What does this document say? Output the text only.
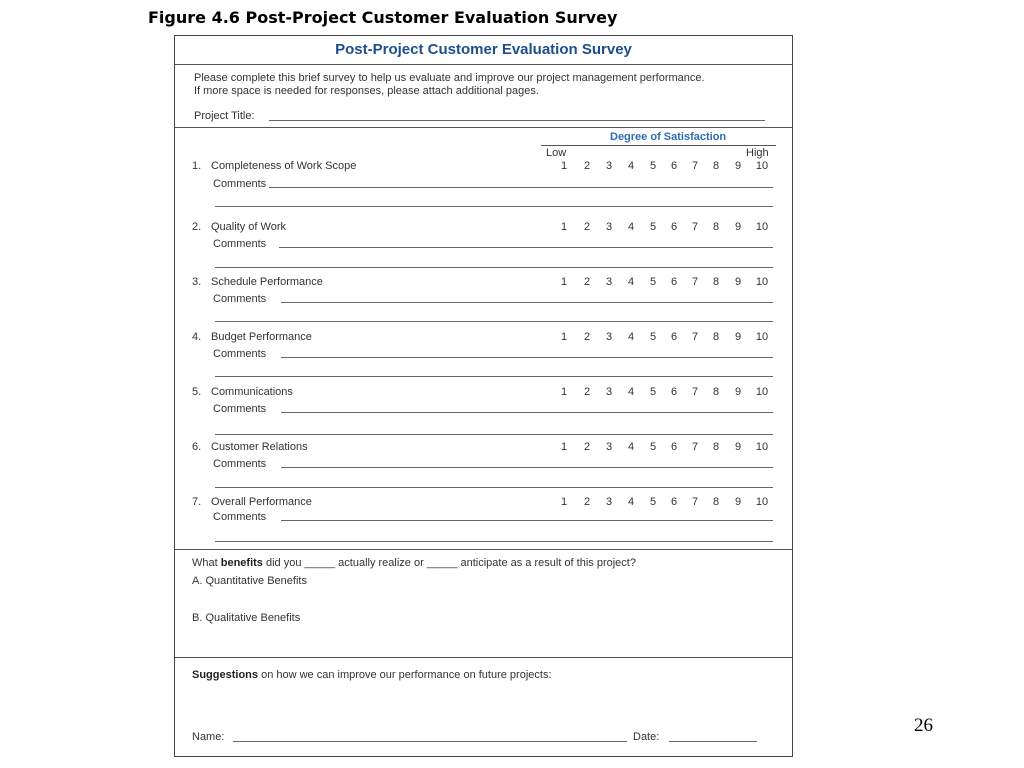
Figure 4.6 Post-Project Customer Evaluation Survey
26
Post-Project Customer Evaluation Survey
Please complete this brief survey to help us evaluate and improve our project management performance.
If more space is needed for responses, please attach additional pages.
Project Title:
Degree of Satisfaction
Low	High
1. Completeness of Work Scope	1 2 3 4 5 6 7 8 9 10
Comments
2. Quality of Work	1 2 3 4 5 6 7 8 9 10
Comments
3. Schedule Performance	1 2 3 4 5 6 7 8 9 10
Comments
4. Budget Performance	1 2 3 4 5 6 7 8 9 10
Comments
5. Communications	1 2 3 4 5 6 7 8 9 10
Comments
6. Customer Relations	1 2 3 4 5 6 7 8 9 10
Comments
7. Overall Performance	1 2 3 4 5 6 7 8 9 10
Comments
What benefits did you _____ actually realize or _____ anticipate as a result of this project?
A. Quantitative Benefits
B. Qualitative Benefits
Suggestions on how we can improve our performance on future projects:
Name:	Date:
